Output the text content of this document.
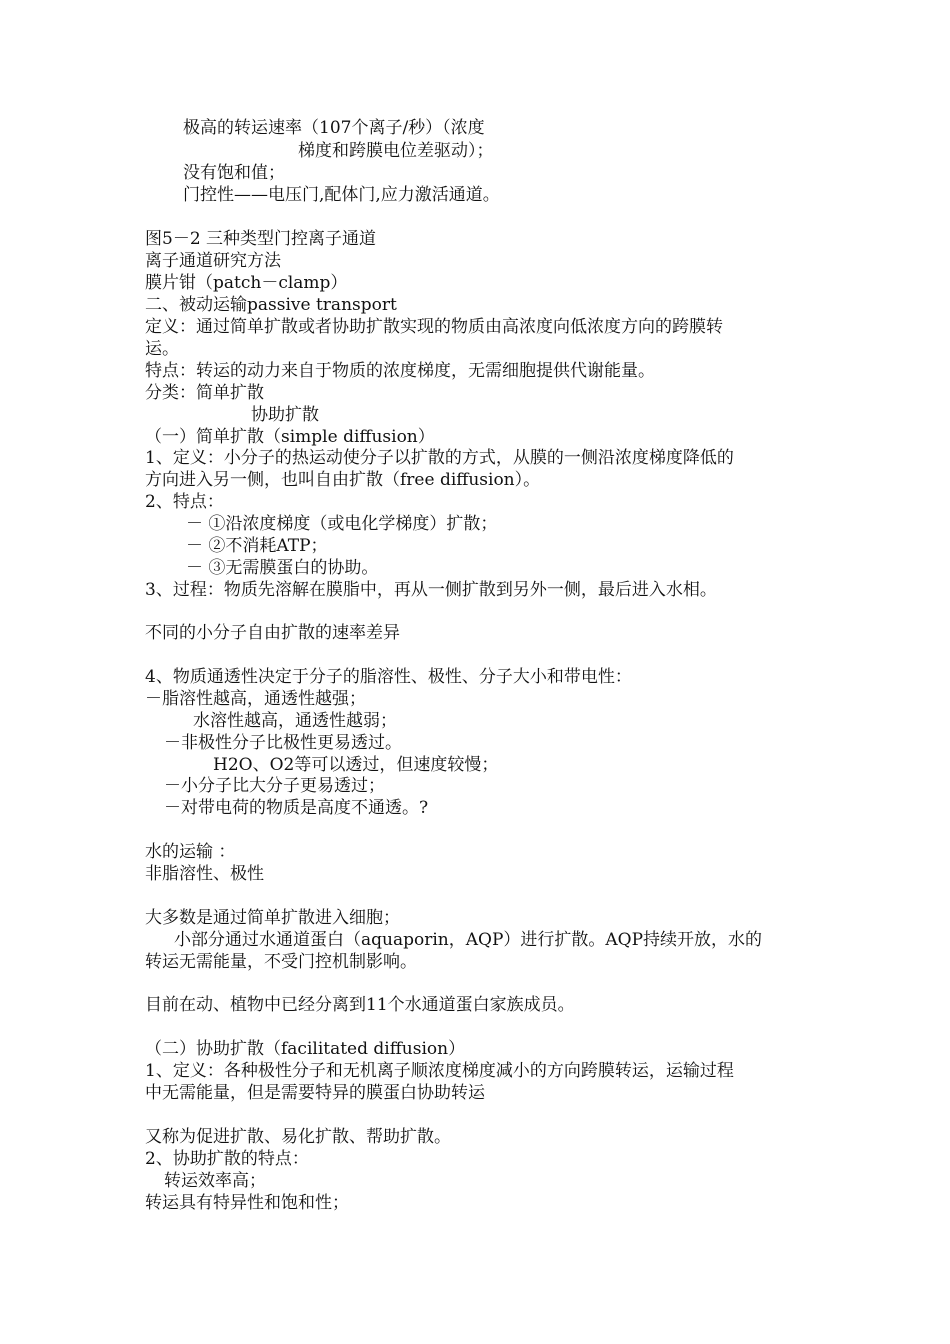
极高的转运速率（107个离子/秒）（浓度
梯度和跨膜电位差驱动）；
没有饱和值；
门控性——电压门,配体门,应力激活通道。
图5－2 三种类型门控离子通道
离子通道研究方法
膜片钳（patch－clamp）
二、被动运输passive transport
定义：通过简单扩散或者协助扩散实现的物质由高浓度向低浓度方向的跨膜转
运。
特点：转运的动力来自于物质的浓度梯度，无需细胞提供代谢能量。
分类：简单扩散
协助扩散
（一）简单扩散（simple diffusion）
1、定义：小分子的热运动使分子以扩散的方式，从膜的一侧沿浓度梯度降低的
方向进入另一侧，也叫自由扩散（free diffusion）。
2、特点：
－ ①沿浓度梯度（或电化学梯度）扩散；
－ ②不消耗ATP；
－ ③无需膜蛋白的协助。
3、过程：物质先溶解在膜脂中，再从一侧扩散到另外一侧，最后进入水相。
不同的小分子自由扩散的速率差异
4、物质通透性决定于分子的脂溶性、极性、分子大小和带电性：
－脂溶性越高，通透性越强；
水溶性越高，通透性越弱；
－非极性分子比极性更易透过。
H2O、O2等可以透过，但速度较慢；
－小分子比大分子更易透过；
－对带电荷的物质是高度不通透。?
水的运输 ：
非脂溶性、极性
大多数是通过简单扩散进入细胞；
小部分通过水通道蛋白（aquaporin，AQP）进行扩散。AQP持续开放，水的
转运无需能量，不受门控机制影响。
目前在动、植物中已经分离到11个水通道蛋白家族成员。
（二）协助扩散（facilitated diffusion）
1、定义：各种极性分子和无机离子顺浓度梯度减小的方向跨膜转运，运输过程
中无需能量，但是需要特异的膜蛋白协助转运
又称为促进扩散、易化扩散、帮助扩散。
2、协助扩散的特点：
转运效率高；
转运具有特异性和饱和性；
